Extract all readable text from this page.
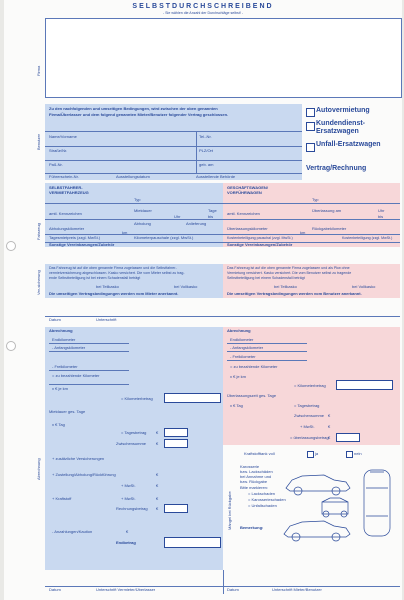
SELBSTDURCHSCHREIBEND
- Sie wählen die Anzahl der Durchschläge selbst! -
Firma
Benutzer
Zu den nachfolgenden und umseitigen Bedingungen, wird zwischen der oben genannten
Firma/Überlasser und dem folgend genannten Mieter/Benutzer folgender Vertrag geschlossen.
Name/Vorname	Tel.-Nr.
Straße/Nr.	PLZ/Ort
Paß-Nr.	geb. am
Führerschein-Nr.	Ausstellungsdatum	Ausstellende Behörde
Autovermietung
Kundendienst-Ersatzwagen
Unfall-Ersatzwagen
Vertrag/Rechnung
Fahrzeug
SELBSTFAHRER-
VERMIETFAHRZEUG
Typ
amtl. Kennzeichen
Mietdauer	Tage
Uhr	bis
Abholung	Anlieferung
Abholungskilometer
km
Tagesmietpreis (zzgl. MwSt.)	Kilometerpauschale (zzgl. MwSt.)
Sonstige Vereinbarungen/Zubehör
GESCHÄFTSWAGEN/
VORFÜHRWAGEN
Typ
amtl. Kennzeichen
Überlassung am	Uhr
bis
Überlassungskilometer	Rückgabekilometer
km
Kostenbeteiligung pauschal (zzgl. MwSt.)	Kostenbeteiligung (zzgl. MwSt.)
Sonstige Vereinbarungen/Zubehör
Ver-sicherung
Das Fahrzeug ist auf die oben genannte Firma zugelassen und die Selbstfahrer-
vermietversicherung abgeschlossen. Kasko versichert. Die vom Mieter selbst zu trag-
ende Selbstbeteiligung ist bei einem Schadensfall beträgt
bei Teilkasko	bei Vollkasko
Die umseitigen Vertragsbedingungen werden vom Mieter anerkannt.
Das Fahrzeug ist auf die oben genannte Firma zugelassen und als Pkw ohne
Vermietung versichert. Kasko versichert. Die vom Benutzer selbst zu tragende
Selbstbeteiligung bei einem Schadensfall beträgt
bei Teilkasko	bei Vollkasko
Die umseitigen Vertragsbedingungen werden vom Benutzer anerkannt.
Datum	Unterschrift
Abrechnung
Abrechnung
Endkilometer
- Anfangskilometer
- Freikilometer
= zu bezahlende Kilometer
x € je km
= Kilometerbetrag
Mietdauer ges. Tage
x € Tag
= Tagesbetrag €
Zwischensumme €
+ zusätzliche Versicherungen
+ Zustellung/Abholung/Rückführung	€
+ MwSt.	€
+ Kraftstoff	+ MwSt.	€
Rechnungsbetrag €
- Anzahlungen/Kaution	€
Endbetrag
Abrechnung
Endkilometer
- Anfangskilometer
- Freikilometer
= zu bezahlende Kilometer
x € je km
= Kilometerbetrag
Überlassungszeit ges. Tage
x € Tag	= Tagesbetrag
Zwischensumme €
+ MwSt.	€
= überlassungsbetrag €
Mängel bei Rückgabe
Kraftstofftank voll	ja	nein
Karosserie
bzw. Lackschäden
bei Annahme und
bzw. Rückgabe
Bitte markieren:
= Lackschaden
= Karosserieschaden
= Unfallschaden
Bemerkung:
Datum	Unterschrift Vermieter/Überlasser	Datum	Unterschrift Mieter/Benutzer
